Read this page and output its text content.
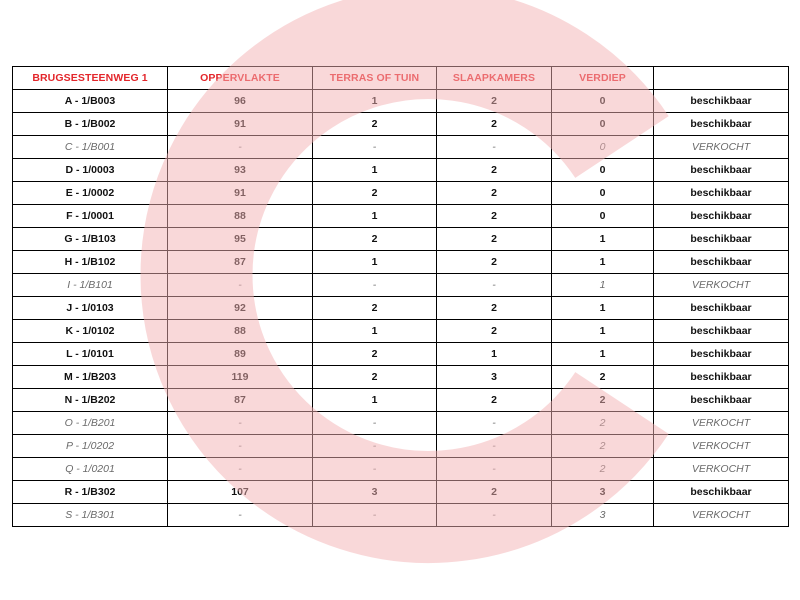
BRUGSESTEENWEG 1	OPPERVLAKTE	TERRAS OF TUIN	SLAAPKAMERS	VERDIEP	
A - 1/B003	96	1	2	0	beschikbaar
B - 1/B002	91	2	2	0	beschikbaar
C - 1/B001	-	-	-	0	VERKOCHT
D - 1/0003	93	1	2	0	beschikbaar
E - 1/0002	91	2	2	0	beschikbaar
F - 1/0001	88	1	2	0	beschikbaar
G - 1/B103	95	2	2	1	beschikbaar
H - 1/B102	87	1	2	1	beschikbaar
I - 1/B101	-	-	-	1	VERKOCHT
J - 1/0103	92	2	2	1	beschikbaar
K - 1/0102	88	1	2	1	beschikbaar
L - 1/0101	89	2	1	1	beschikbaar
M - 1/B203	119	2	3	2	beschikbaar
N - 1/B202	87	1	2	2	beschikbaar
O - 1/B201	-	-	-	2	VERKOCHT
P - 1/0202	-	-	-	2	VERKOCHT
Q - 1/0201	-	-	-	2	VERKOCHT
R - 1/B302	107	3	2	3	beschikbaar
S - 1/B301	-	-	-	3	VERKOCHT
